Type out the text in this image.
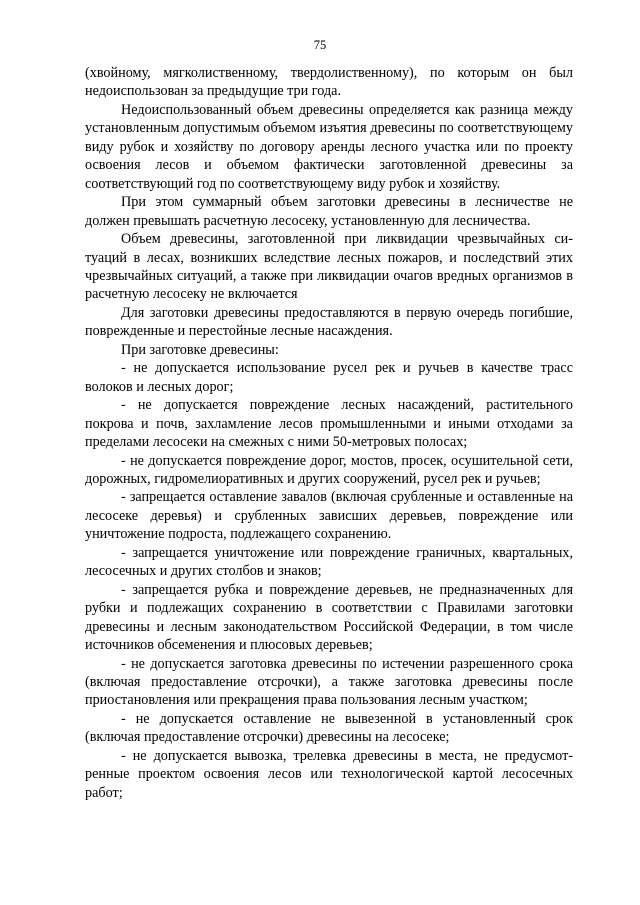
75

(хвойному, мягколиственному, твердолиственному), по которым он был недоиспользован за предыдущие три года.

Недоиспользованный объем древесины определяется как разница между установленным допустимым объемом изъятия древесины по соответствующему виду рубок и хозяйству по договору аренды лесного участка или по проекту освоения лесов и объемом фактически заготовленной древесины за соответствующий год по соответствующему виду рубок и хозяйству.

При этом суммарный объем заготовки древесины в лесничестве не должен превышать расчетную лесосеку, установленную для лесничества.

Объем древесины, заготовленной при ликвидации чрезвычайных ситуаций в лесах, возникших вследствие лесных пожаров, и последствий этих чрезвычайных ситуаций, а также при ликвидации очагов вредных организмов в расчетную лесосеку не включается

Для заготовки древесины предоставляются в первую очередь погибшие, поврежденные и перестойные лесные насаждения.

При заготовке древесины:

- не допускается использование русел рек и ручьев в качестве трасс волоков и лесных дорог;

- не допускается повреждение лесных насаждений, растительного покрова и почв, захламление лесов промышленными и иными отходами за пределами лесосеки на смежных с ними 50-метровых полосах;

- не допускается повреждение дорог, мостов, просек, осушительной сети, дорожных, гидромелиоративных и других сооружений, русел рек и ручьев;

- запрещается оставление завалов (включая срубленные и оставленные на лесосеке деревья) и срубленных зависших деревьев, повреждение или уничтожение подроста, подлежащего сохранению.

- запрещается уничтожение или повреждение граничных, квартальных, лесосечных и других столбов и знаков;

- запрещается рубка и повреждение деревьев, не предназначенных для рубки и подлежащих сохранению в соответствии с Правилами заготовки древесины и лесным законодательством Российской Федерации, в том числе источников обсеменения и плюсовых деревьев;

- не допускается заготовка древесины по истечении разрешенного срока (включая предоставление отсрочки), а также заготовка древесины после приостановления или прекращения права пользования лесным участком;

- не допускается оставление не вывезенной в установленный срок (включая предоставление отсрочки) древесины на лесосеке;

- не допускается вывозка, трелевка древесины в места, не предусмотренные проектом освоения лесов или технологической картой лесосечных работ;
